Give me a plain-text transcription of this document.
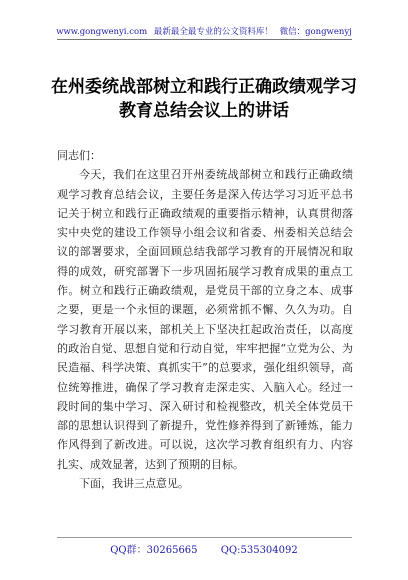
www.gongwenyi.com 最新最全最专业的公文资料库！ 微信：gongwenyj
在州委统战部树立和践行正确政绩观学习
教育总结会议上的讲话

同志们：

今天，我们在这里召开州委统战部树立和践行正确政绩观学习教育总结会议，主要任务是深入传达学习习近平总书记关于树立和践行正确政绩观的重要指示精神，认真贯彻落实中央党的建设工作领导小组会议和省委、州委相关总结会议的部署要求，全面回顾总结我部学习教育的开展情况和取得的成效，研究部署下一步巩固拓展学习教育成果的重点工作。树立和践行正确政绩观，是党员干部的立身之本、成事之要，更是一个永恒的课题，必须常抓不懈、久久为功。自学习教育开展以来，部机关上下坚决扛起政治责任，以高度的政治自觉、思想自觉和行动自觉，牢牢把握“立党为公、为民造福、科学决策、真抓实干”的总要求，强化组织领导，高位统筹推进，确保了学习教育走深走实、入脑入心。经过一段时间的集中学习、深入研讨和检视整改，机关全体党员干部的思想认识得到了新提升，党性修养得到了新锤炼，能力作风得到了新改进。可以说，这次学习教育组织有力、内容扎实、成效显著，达到了预期的目标。

下面，我讲三点意见。

QQ群：30265665 QQ:535304092
